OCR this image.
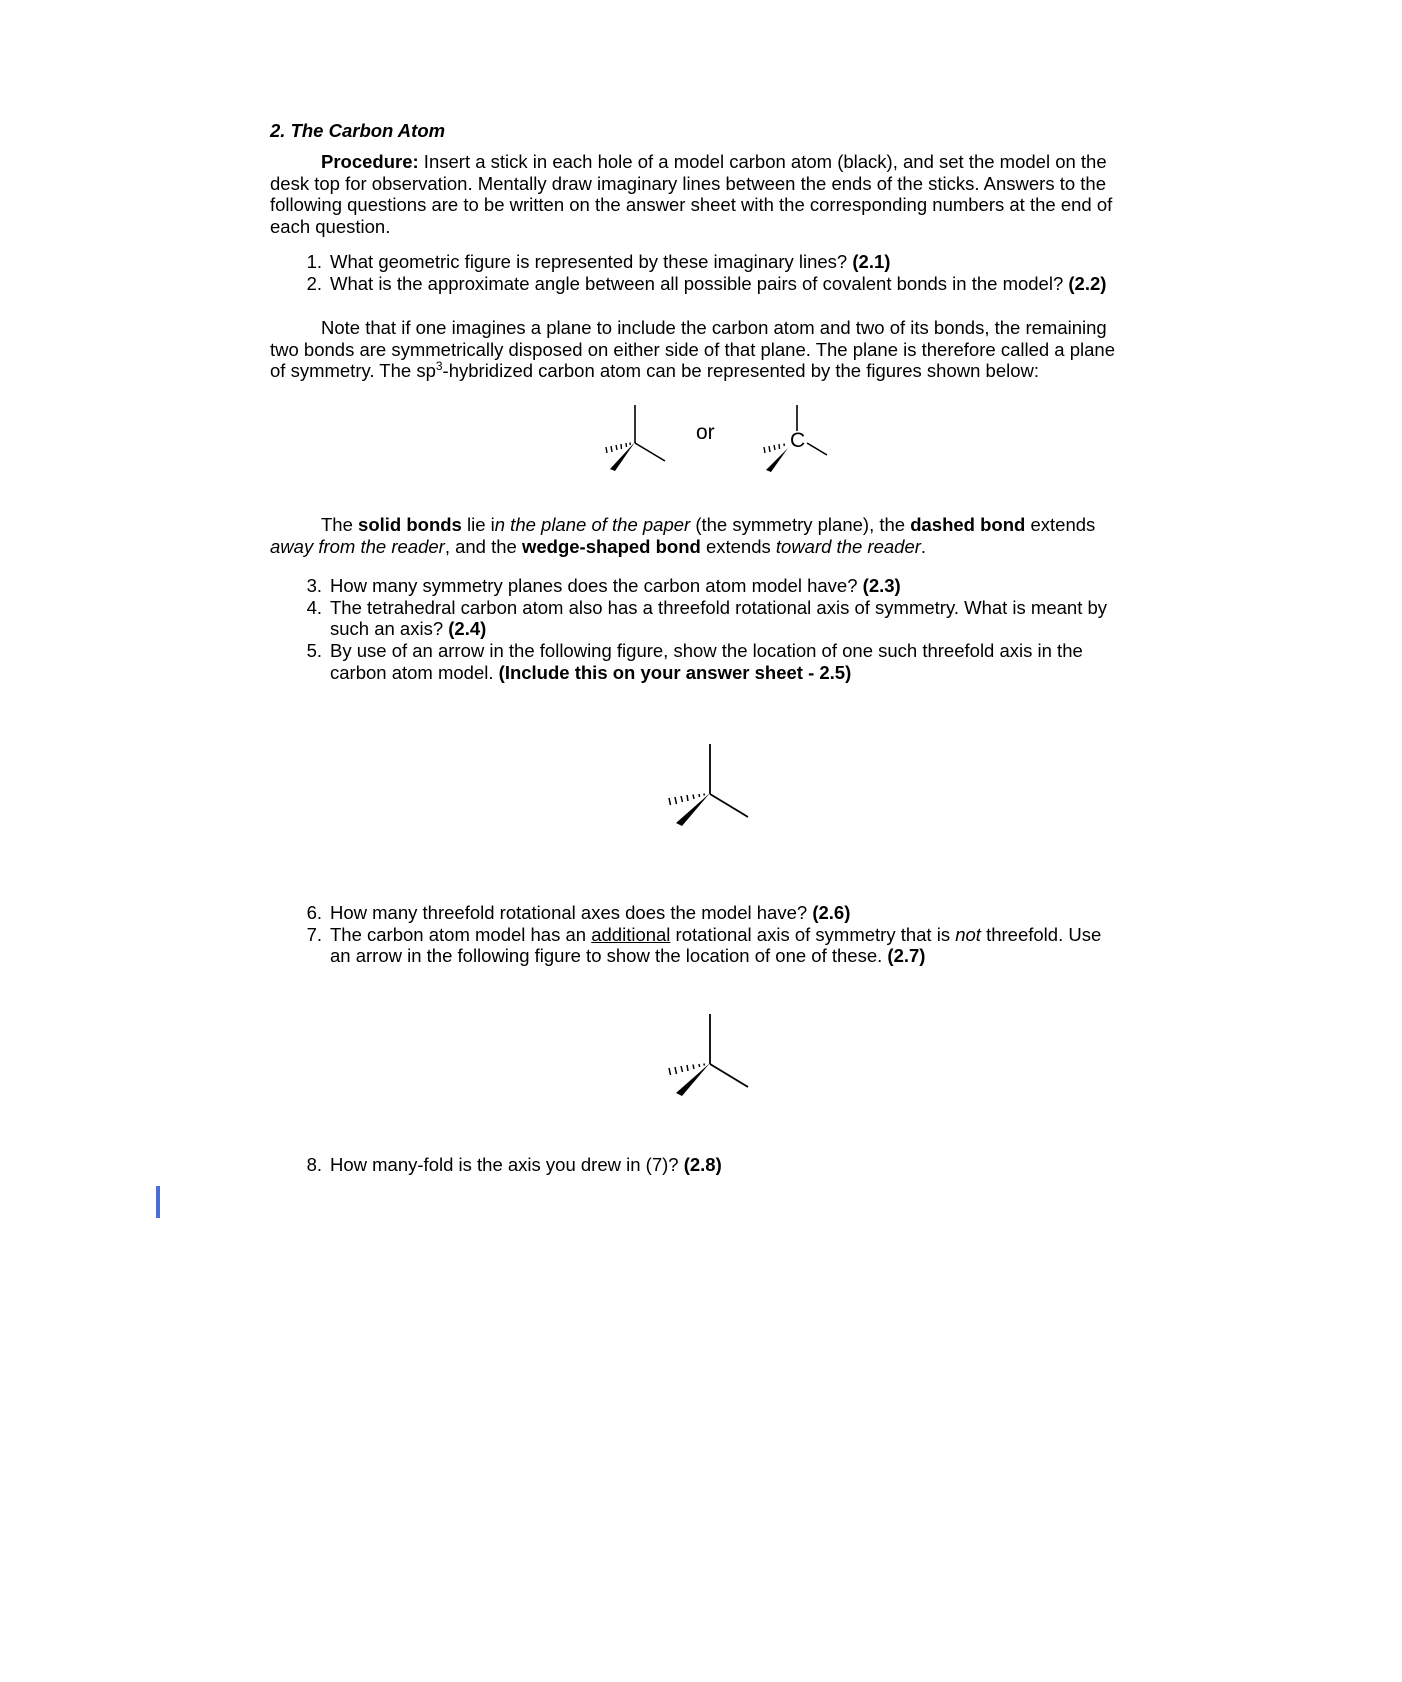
2. The Carbon Atom
Procedure: Insert a stick in each hole of a model carbon atom (black), and set the model on the
desk top for observation. Mentally draw imaginary lines between the ends of the sticks. Answers to the
following questions are to be written on the answer sheet with the corresponding numbers at the end of
each question.
1. What geometric figure is represented by these imaginary lines? (2.1)
2. What is the approximate angle between all possible pairs of covalent bonds in the model? (2.2)
Note that if one imagines a plane to include the carbon atom and two of its bonds, the remaining
two bonds are symmetrically disposed on either side of that plane. The plane is therefore called a plane
of symmetry. The $sp^3$-hybridized carbon atom can be represented by the figures shown below:
or	C
The solid bonds lie in the plane of the paper (the symmetry plane), the dashed bond extends
away from the reader, and the wedge-shaped bond extends toward the reader.
3. How many symmetry planes does the carbon atom model have? (2.3)
4. The tetrahedral carbon atom also has a threefold rotational axis of symmetry. What is meant by
such an axis? (2.4)
5. By use of an arrow in the following figure, show the location of one such threefold axis in the
carbon atom model. (Include this on your answer sheet - 2.5)
6. How many threefold rotational axes does the model have? (2.6)
7. The carbon atom model has an additional rotational axis of symmetry that is not threefold. Use
an arrow in the following figure to show the location of one of these. (2.7)
8. How many-fold is the axis you drew in (7)? (2.8)
